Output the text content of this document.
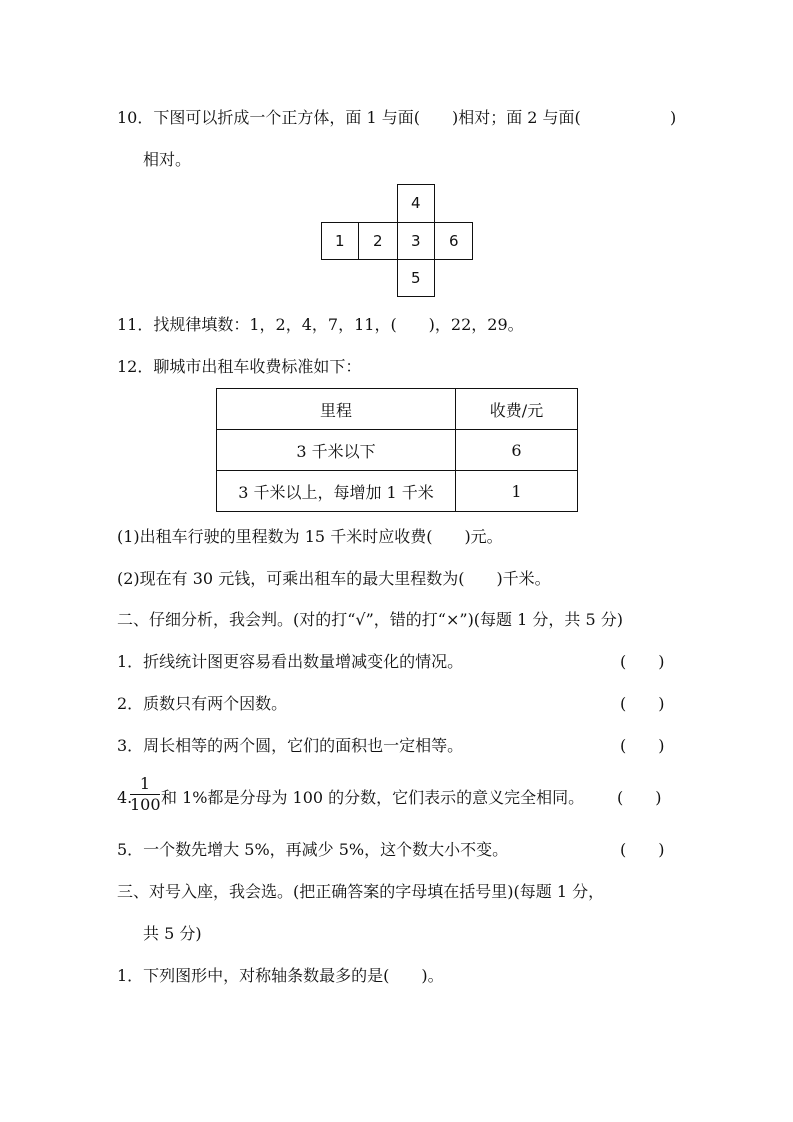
10．下图可以折成一个正方体，面 1 与面(　　)相对；面 2 与面(	)
相对。
4
1 2 3 6
5
11．找规律填数：1，2，4，7，11，(　　)，22，29。
12．聊城市出租车收费标准如下：
里程	收费/元
3 千米以下	6
3 千米以上，每增加 1 千米	1
(1)出租车行驶的里程数为 15 千米时应收费(　　)元。
(2)现在有 30 元钱，可乘出租车的最大里程数为(　　)千米。
二、仔细分析，我会判。(对的打“√”，错的打“×”)(每题 1 分，共 5 分)
1．折线统计图更容易看出数量增减变化的情况。	(　　)
2．质数只有两个因数。	(　　)
3．周长相等的两个圆，它们的面积也一定相等。	(　　)
4.
1
100 和 1%都是分母为 100 的分数，它们表示的意义完全相同。 (　　)
5．一个数先增大 5%，再减少 5%，这个数大小不变。	(　　)
三、对号入座，我会选。(把正确答案的字母填在括号里)(每题 1 分，
共 5 分)
1．下列图形中，对称轴条数最多的是(　　)。
